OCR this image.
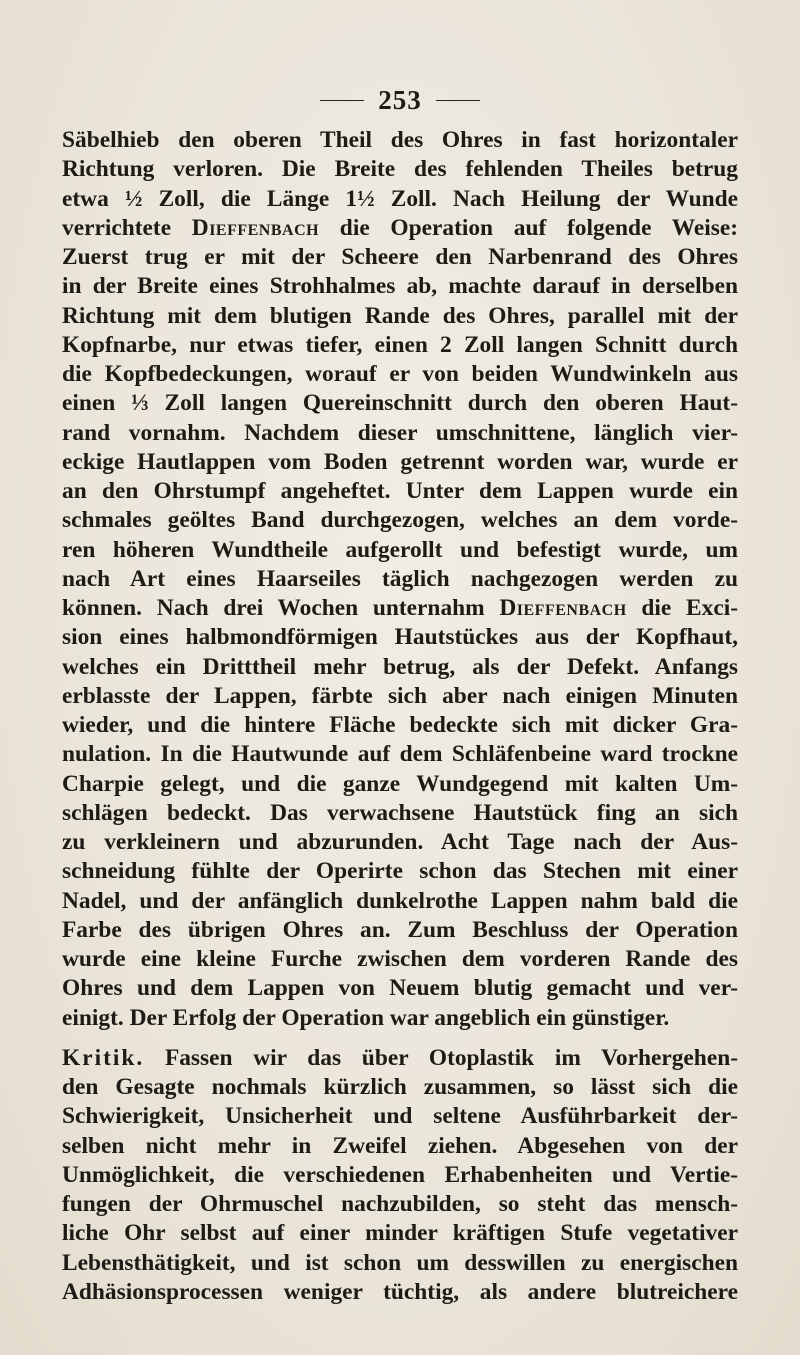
253
Säbelhieb den oberen Theil des Ohres in fast horizontaler
Richtung verloren. Die Breite des fehlenden Theiles betrug
etwa ½ Zoll, die Länge 1½ Zoll. Nach Heilung der Wunde
verrichtete Dieffenbach die Operation auf folgende Weise:
Zuerst trug er mit der Scheere den Narbenrand des Ohres
in der Breite eines Strohhalmes ab, machte darauf in derselben
Richtung mit dem blutigen Rande des Ohres, parallel mit der
Kopfnarbe, nur etwas tiefer, einen 2 Zoll langen Schnitt durch
die Kopfbedeckungen, worauf er von beiden Wundwinkeln aus
einen ⅓ Zoll langen Quereinschnitt durch den oberen Haut-
rand vornahm. Nachdem dieser umschnittene, länglich vier-
eckige Hautlappen vom Boden getrennt worden war, wurde er
an den Ohrstumpf angeheftet. Unter dem Lappen wurde ein
schmales geöltes Band durchgezogen, welches an dem vorde-
ren höheren Wundtheile aufgerollt und befestigt wurde, um
nach Art eines Haarseiles täglich nachgezogen werden zu
können. Nach drei Wochen unternahm Dieffenbach die Exci-
sion eines halbmondförmigen Hautstückes aus der Kopfhaut,
welches ein Dritttheil mehr betrug, als der Defekt. Anfangs
erblasste der Lappen, färbte sich aber nach einigen Minuten
wieder, und die hintere Fläche bedeckte sich mit dicker Gra-
nulation. In die Hautwunde auf dem Schläfenbeine ward trockne
Charpie gelegt, und die ganze Wundgegend mit kalten Um-
schlägen bedeckt. Das verwachsene Hautstück fing an sich
zu verkleinern und abzurunden. Acht Tage nach der Aus-
schneidung fühlte der Operirte schon das Stechen mit einer
Nadel, und der anfänglich dunkelrothe Lappen nahm bald die
Farbe des übrigen Ohres an. Zum Beschluss der Operation
wurde eine kleine Furche zwischen dem vorderen Rande des
Ohres und dem Lappen von Neuem blutig gemacht und ver-
einigt. Der Erfolg der Operation war angeblich ein günstiger.
Kritik. Fassen wir das über Otoplastik im Vorhergehen-
den Gesagte nochmals kürzlich zusammen, so lässt sich die
Schwierigkeit, Unsicherheit und seltene Ausführbarkeit der-
selben nicht mehr in Zweifel ziehen. Abgesehen von der
Unmöglichkeit, die verschiedenen Erhabenheiten und Vertie-
fungen der Ohrmuschel nachzubilden, so steht das mensch-
liche Ohr selbst auf einer minder kräftigen Stufe vegetativer
Lebensthätigkeit, und ist schon um desswillen zu energischen
Adhäsionsprocessen weniger tüchtig, als andere blutreichere
